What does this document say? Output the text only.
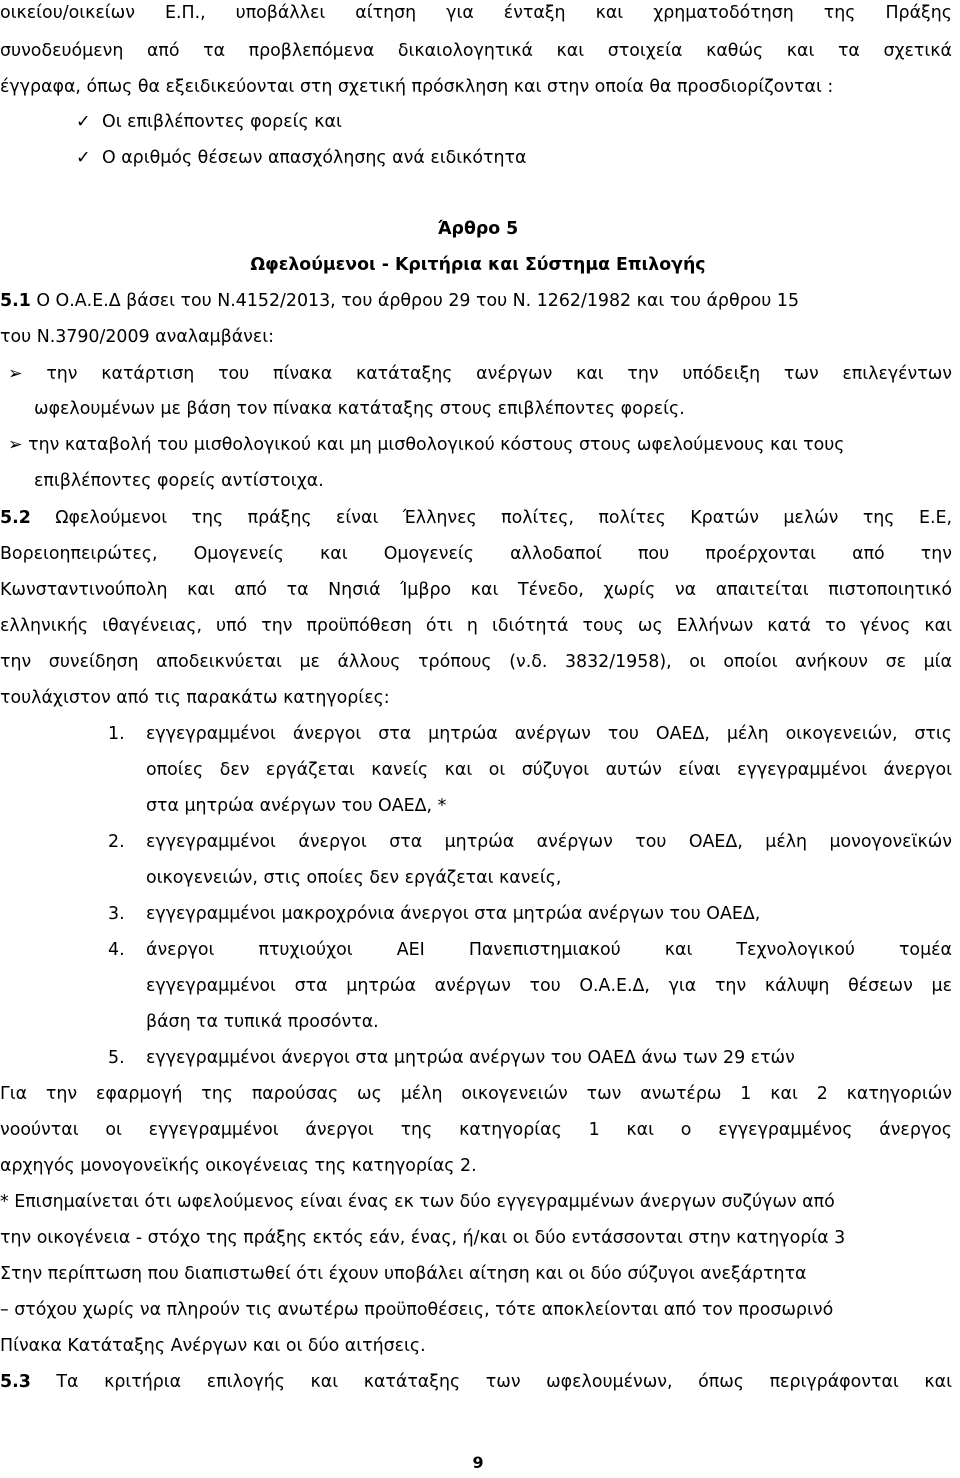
οικείου/οικείων Ε.Π., υποβάλλει αίτηση για ένταξη και χρηματοδότηση της Πράξης
συνοδευόμενη από τα προβλεπόμενα δικαιολογητικά και στοιχεία καθώς και τα σχετικά
έγγραφα, όπως θα εξειδικεύονται στη σχετική πρόσκληση και στην οποία θα προσδιορίζονται :
✓ Οι επιβλέποντες φορείς και
✓ Ο αριθμός θέσεων απασχόλησης ανά ειδικότητα
Άρθρο 5
Ωφελούμενοι - Κριτήρια και Σύστημα Επιλογής
5.1 Ο Ο.Α.Ε.Δ βάσει του Ν.4152/2013, του άρθρου 29 του Ν. 1262/1982 και του άρθρου 15
του Ν.3790/2009 αναλαμβάνει:
➢ την κατάρτιση του πίνακα κατάταξης ανέργων και την υπόδειξη των επιλεγέντων
ωφελουμένων με βάση τον πίνακα κατάταξης στους επιβλέποντες φορείς.
➢ την καταβολή του μισθολογικού και μη μισθολογικού κόστους στους ωφελούμενους και τους
επιβλέποντες φορείς αντίστοιχα.
5.2 Ωφελούμενοι της πράξης είναι Έλληνες πολίτες, πολίτες Κρατών μελών της Ε.Ε,
Βορειοηπειρώτες, Ομογενείς και Ομογενείς αλλοδαποί που προέρχονται από την
Κωνσταντινούπολη και από τα Νησιά Ίμβρο και Τένεδο, χωρίς να απαιτείται πιστοποιητικό
ελληνικής ιθαγένειας, υπό την προϋπόθεση ότι η ιδιότητά τους ως Ελλήνων κατά το γένος και
την συνείδηση αποδεικνύεται με άλλους τρόπους (ν.δ. 3832/1958), οι οποίοι ανήκουν σε μία
τουλάχιστον από τις παρακάτω κατηγορίες:
1. εγγεγραμμένοι άνεργοι στα μητρώα ανέργων του ΟΑΕΔ, μέλη οικογενειών, στις
οποίες δεν εργάζεται κανείς και οι σύζυγοι αυτών είναι εγγεγραμμένοι άνεργοι
στα μητρώα ανέργων του ΟΑΕΔ, *
2. εγγεγραμμένοι άνεργοι στα μητρώα ανέργων του ΟΑΕΔ, μέλη μονογονεϊκών
οικογενειών, στις οποίες δεν εργάζεται κανείς,
3. εγγεγραμμένοι μακροχρόνια άνεργοι στα μητρώα ανέργων του ΟΑΕΔ,
4. άνεργοι πτυχιούχοι ΑΕΙ Πανεπιστημιακού και Τεχνολογικού τομέα
εγγεγραμμένοι στα μητρώα ανέργων του Ο.Α.Ε.Δ, για την κάλυψη θέσεων με
βάση τα τυπικά προσόντα.
5. εγγεγραμμένοι άνεργοι στα μητρώα ανέργων του ΟΑΕΔ άνω των 29 ετών
Για την εφαρμογή της παρούσας ως μέλη οικογενειών των ανωτέρω 1 και 2 κατηγοριών
νοούνται οι εγγεγραμμένοι άνεργοι της κατηγορίας 1 και ο εγγεγραμμένος άνεργος
αρχηγός μονογονεϊκής οικογένειας της κατηγορίας 2.
* Επισημαίνεται ότι ωφελούμενος είναι ένας εκ των δύο εγγεγραμμένων άνεργων συζύγων από
την οικογένεια - στόχο της πράξης εκτός εάν, ένας, ή/και οι δύο εντάσσονται στην κατηγορία 3
Στην περίπτωση που διαπιστωθεί ότι έχουν υποβάλει αίτηση και οι δύο σύζυγοι ανεξάρτητα
– στόχου χωρίς να πληρούν τις ανωτέρω προϋποθέσεις, τότε αποκλείονται από τον προσωρινό
Πίνακα Κατάταξης Ανέργων και οι δύο αιτήσεις.
5.3 Τα κριτήρια επιλογής και κατάταξης των ωφελουμένων, όπως περιγράφονται και
9
